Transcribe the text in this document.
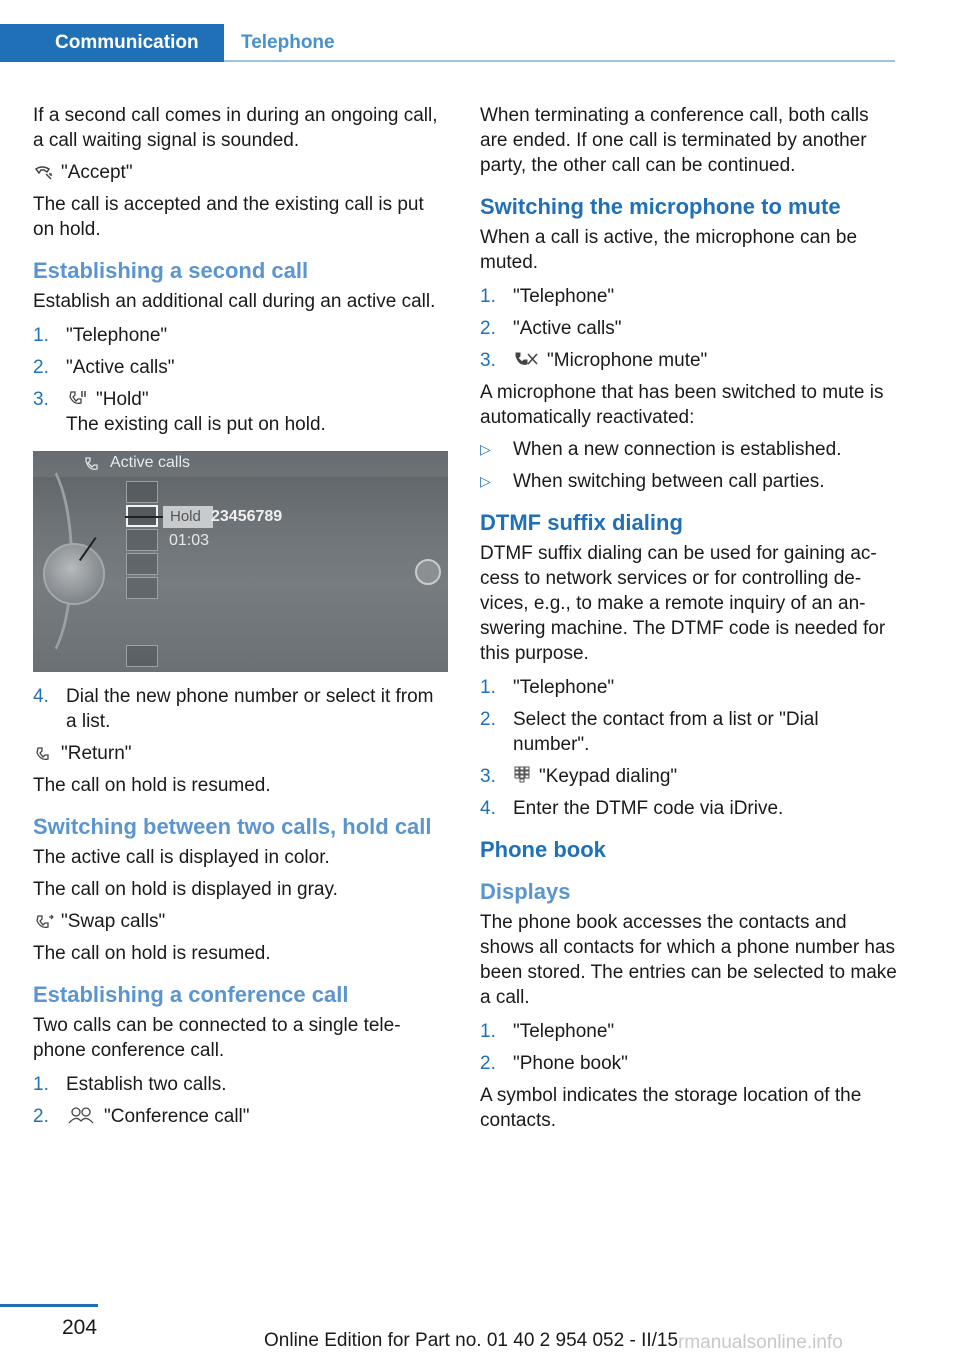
Communication	Telephone

If a second call comes in during an ongoing call, a call waiting signal is sounded.

"Accept"

The call is accepted and the existing call is put on hold.

Establishing a second call

Establish an additional call during an active call.

1. "Telephone"
2. "Active calls"
3.	"Hold"
The existing call is put on hold.
Active calls
Hold 23456789
01:03
4. Dial the new phone number or select it from a list.
"Return"

The call on hold is resumed.

Switching between two calls, hold call

The active call is displayed in color.

The call on hold is displayed in gray.

"Swap calls"

The call on hold is resumed.

Establishing a conference call

Two calls can be connected to a single tele‐phone conference call.

1. Establish two calls.
2.	"Conference call"

When terminating a conference call, both calls are ended. If one call is terminated by another party, the other call can be continued.

Switching the microphone to mute

When a call is active, the microphone can be muted.

1. "Telephone"
2. "Active calls"
3.	"Microphone mute"

A microphone that has been switched to mute is automatically reactivated:

▷	When a new connection is established.
▷	When switching between call parties.
DTMF suffix dialing

DTMF suffix dialing can be used for gaining ac‐cess to network services or for controlling de‐vices, e.g., to make a remote inquiry of an an‐swering machine. The DTMF code is needed for this purpose.

1. "Telephone"
2. Select the contact from a list or "Dial number".
3.	"Keypad dialing"
4. Enter the DTMF code via iDrive.
Phone book
Displays

The phone book accesses the contacts and shows all contacts for which a phone number has been stored. The entries can be selected to make a call.

1. "Telephone"
2. "Phone book"

A symbol indicates the storage location of the contacts.

204
Online Edition for Part no. 01 40 2 954 052 - II/15 rmanualsonline.info
